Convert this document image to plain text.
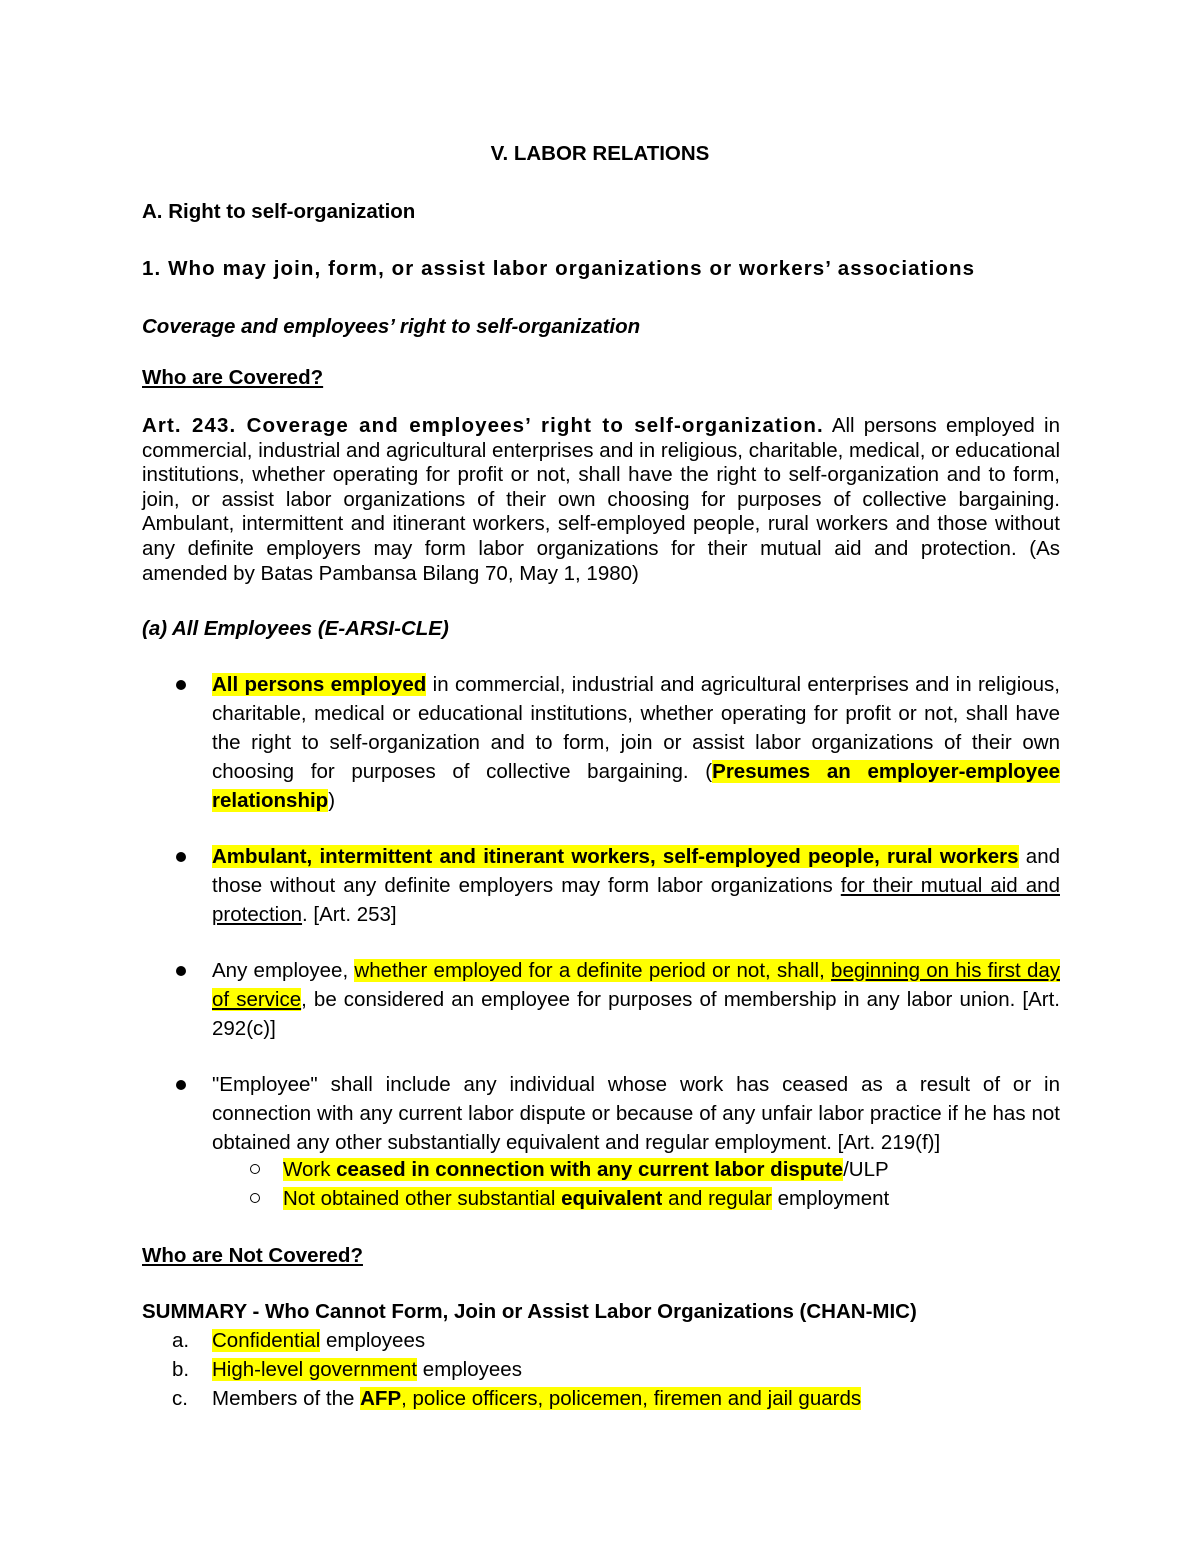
V. LABOR RELATIONS
A. Right to self-organization
1. Who may join, form, or assist labor organizations or workers’ associations
Coverage and employees’ right to self-organization
Who are Covered?
Art. 243. Coverage and employees’ right to self-organization. All persons employed in commercial, industrial and agricultural enterprises and in religious, charitable, medical, or educational institutions, whether operating for profit or not, shall have the right to self-organization and to form, join, or assist labor organizations of their own choosing for purposes of collective bargaining. Ambulant, intermittent and itinerant workers, self-employed people, rural workers and those without any definite employers may form labor organizations for their mutual aid and protection. (As amended by Batas Pambansa Bilang 70, May 1, 1980)
(a) All Employees (E-ARSI-CLE)
All persons employed in commercial, industrial and agricultural enterprises and in religious, charitable, medical or educational institutions, whether operating for profit or not, shall have the right to self-organization and to form, join or assist labor organizations of their own choosing for purposes of collective bargaining. (Presumes an employer-employee relationship)
Ambulant, intermittent and itinerant workers, self-employed people, rural workers and those without any definite employers may form labor organizations for their mutual aid and protection. [Art. 253]
Any employee, whether employed for a definite period or not, shall, beginning on his first day of service, be considered an employee for purposes of membership in any labor union. [Art. 292(c)]
"Employee" shall include any individual whose work has ceased as a result of or in connection with any current labor dispute or because of any unfair labor practice if he has not obtained any other substantially equivalent and regular employment. [Art. 219(f)]
Work ceased in connection with any current labor dispute/ULP
Not obtained other substantial equivalent and regular employment
Who are Not Covered?
SUMMARY - Who Cannot Form, Join or Assist Labor Organizations (CHAN-MIC)
a. Confidential employees
b. High-level government employees
c. Members of the AFP, police officers, policemen, firemen and jail guards
